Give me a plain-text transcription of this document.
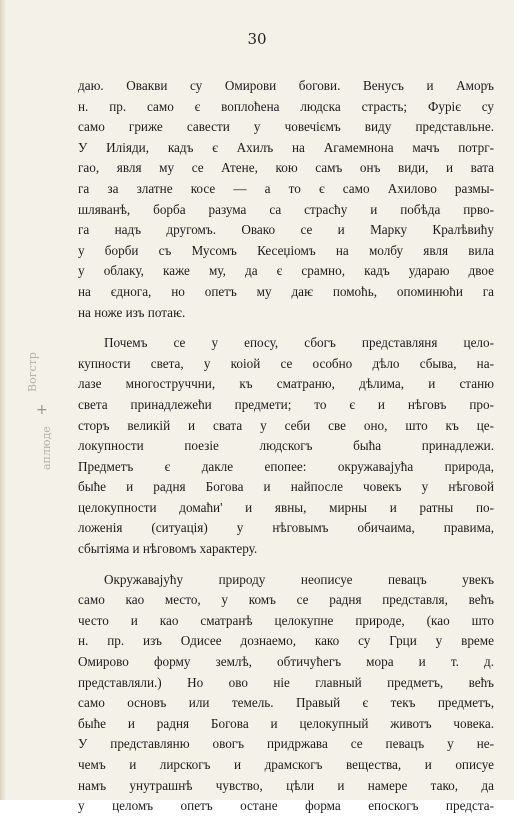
30
Вогстр
аплюде
+
даю. Овакви су Омирови богови. Венусъ и Аморъ
н. пр. само є воплоћена людска страсть; Фуріє су
само гриже савести у човечіємъ виду представльне.
У Иліяди, кадъ є Ахилъ на Агамемнона мачъ потрг-
гао, явля му се Атене, кою самъ онъ види, и вата
га за златне косе — а то є само Ахилово размы-
шляванѣ, борба разума са страсћу и побѣда прво-
га надъ другомъ. Овако се и Марку Кралѣвићу
у борби съ Мусомъ Кесеџіомъ на молбу явля вила
у облаку, каже му, да є срамно, кадъ удараю двое
на єдногa, но опетъ му даѥ помоћь, опоминюћи га
на ноже изъ потаѥ.
Почемъ се у епосу, сбогъ представляня цело-
купности света, у коіой се особно дѣло сбыва, на-
лазе многоструччни, къ сматраню, дѣлима, и станю
света принадлежећи предмети; то є и нѣговъ про-
сторъ великій и свата у себи све оно, што къ це-
локупности поезіе людскогъ быћа принадлежи.
Предметъ є дакле епопее: окружавајућа природа,
быће и радня Богова и найпосле човекъ у нѣговой
целокупности домаћи' и явны, мирны и ратны по-
ложенія (ситуація) у нѣговымъ обичаима, правима,
сбытіяма и нѣговомъ характеру.
Окружавајућу природу неописуе певацъ увекъ
само као место, у комъ се радня представля, већъ
често и као сматранѣ целокупне природе, (као што
н. пр. изъ Одисее дознаемо, како су Грци у време
Омирово форму землѣ, обтичућегъ мора и т. д.
представляли.) Но ово ніе главный предметъ, већъ
само основъ или темель. Правый є текъ предметъ,
быће и радня Богова и целокупный животъ човека.
У представляню овогъ придржава се певацъ у не-
чемъ и лирскогъ и драмскогъ вещества, и описуе
намъ унутрашнѣ чувство, цѣли и намере тако, да
у целомъ опетъ остане форма епоскогъ предста-
